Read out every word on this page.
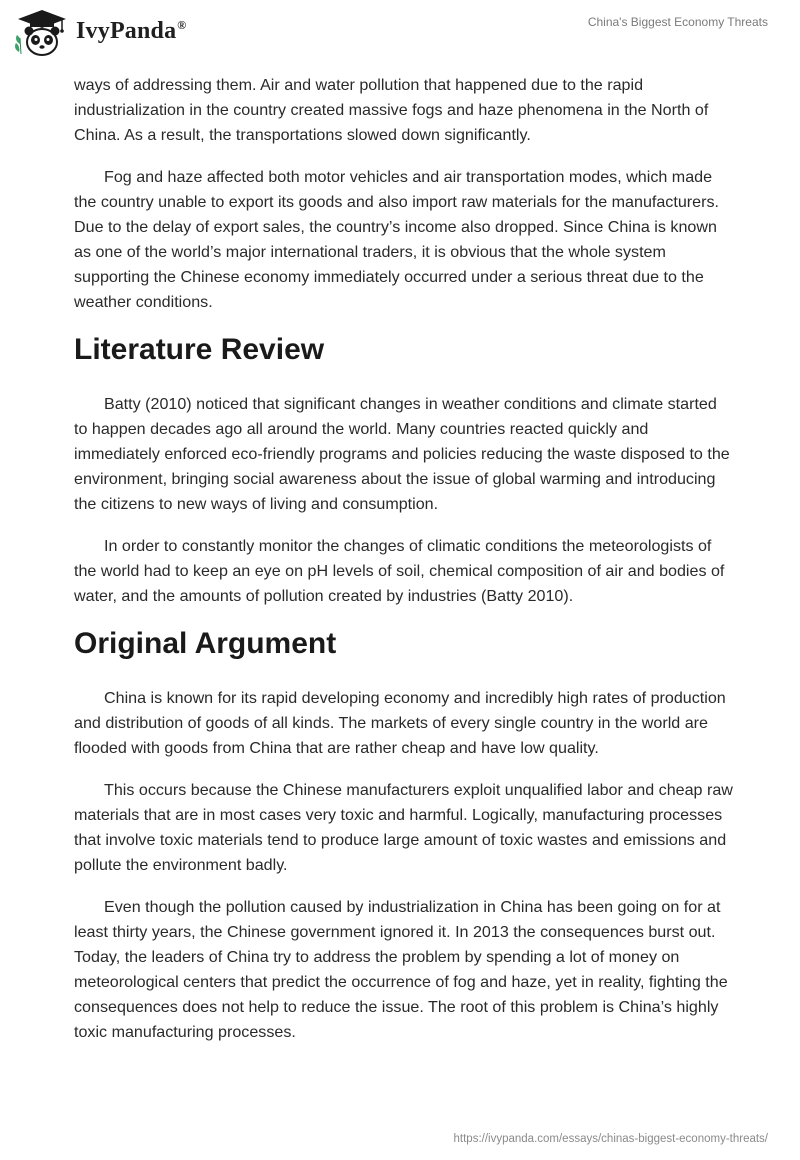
IvyPanda®	China's Biggest Economy Threats

ways of addressing them. Air and water pollution that happened due to the rapid industrialization in the country created massive fogs and haze phenomena in the North of China. As a result, the transportations slowed down significantly.

Fog and haze affected both motor vehicles and air transportation modes, which made the country unable to export its goods and also import raw materials for the manufacturers. Due to the delay of export sales, the country’s income also dropped. Since China is known as one of the world’s major international traders, it is obvious that the whole system supporting the Chinese economy immediately occurred under a serious threat due to the weather conditions.

Literature Review

Batty (2010) noticed that significant changes in weather conditions and climate started to happen decades ago all around the world. Many countries reacted quickly and immediately enforced eco-friendly programs and policies reducing the waste disposed to the environment, bringing social awareness about the issue of global warming and introducing the citizens to new ways of living and consumption.

In order to constantly monitor the changes of climatic conditions the meteorologists of the world had to keep an eye on pH levels of soil, chemical composition of air and bodies of water, and the amounts of pollution created by industries (Batty 2010).

Original Argument

China is known for its rapid developing economy and incredibly high rates of production and distribution of goods of all kinds. The markets of every single country in the world are flooded with goods from China that are rather cheap and have low quality.

This occurs because the Chinese manufacturers exploit unqualified labor and cheap raw materials that are in most cases very toxic and harmful. Logically, manufacturing processes that involve toxic materials tend to produce large amount of toxic wastes and emissions and pollute the environment badly.

Even though the pollution caused by industrialization in China has been going on for at least thirty years, the Chinese government ignored it. In 2013 the consequences burst out. Today, the leaders of China try to address the problem by spending a lot of money on meteorological centers that predict the occurrence of fog and haze, yet in reality, fighting the consequences does not help to reduce the issue. The root of this problem is China’s highly toxic manufacturing processes.

https://ivypanda.com/essays/chinas-biggest-economy-threats/
